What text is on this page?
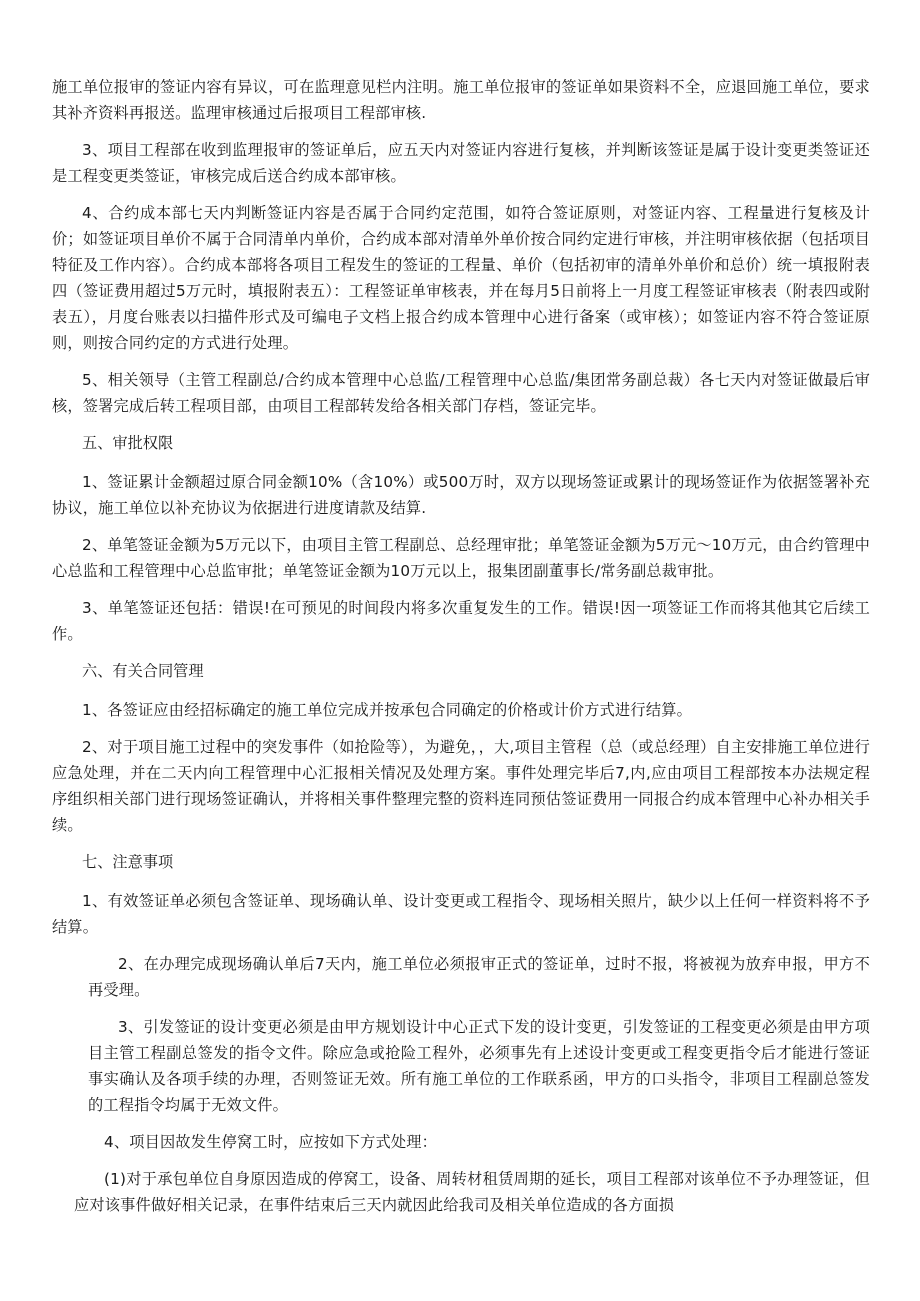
施工单位报审的签证内容有异议，可在监理意见栏内注明。施工单位报审的签证单如果资料不全，应退回施工单位，要求其补齐资料再报送。监理审核通过后报项目工程部审核.

3、项目工程部在收到监理报审的签证单后，应五天内对签证内容进行复核，并判断该签证是属于设计变更类签证还是工程变更类签证，审核完成后送合约成本部审核。

4、合约成本部七天内判断签证内容是否属于合同约定范围，如符合签证原则，对签证内容、工程量进行复核及计价；如签证项目单价不属于合同清单内单价，合约成本部对清单外单价按合同约定进行审核，并注明审核依据（包括项目特征及工作内容）。合约成本部将各项目工程发生的签证的工程量、单价（包括初审的清单外单价和总价）统一填报附表四（签证费用超过5万元时，填报附表五）：工程签证单审核表，并在每月5日前将上一月度工程签证审核表（附表四或附表五），月度台账表以扫描件形式及可编电子文档上报合约成本管理中心进行备案（或审核）；如签证内容不符合签证原则，则按合同约定的方式进行处理。

5、相关领导（主管工程副总/合约成本管理中心总监/工程管理中心总监/集团常务副总裁）各七天内对签证做最后审核，签署完成后转工程项目部，由项目工程部转发给各相关部门存档，签证完毕。

五、审批权限

1、签证累计金额超过原合同金额10%（含10%）或500万时，双方以现场签证或累计的现场签证作为依据签署补充协议，施工单位以补充协议为依据进行进度请款及结算.

2、单笔签证金额为5万元以下，由项目主管工程副总、总经理审批；单笔签证金额为5万元～10万元，由合约管理中心总监和工程管理中心总监审批；单笔签证金额为10万元以上，报集团副董事长/常务副总裁审批。

3、单笔签证还包括：错误!在可预见的时间段内将多次重复发生的工作。错误!因一项签证工作而将其他其它后续工作。

六、有关合同管理

1、各签证应由经招标确定的施工单位完成并按承包合同确定的价格或计价方式进行结算。

2、对于项目施工过程中的突发事件（如抢险等），为避免，，大,项目主管程（总（或总经理）自主安排施工单位进行应急处理，并在二天内向工程管理中心汇报相关情况及处理方案。事件处理完毕后7,内,应由项目工程部按本办法规定程序组织相关部门进行现场签证确认，并将相关事件整理完整的资料连同预估签证费用一同报合约成本管理中心补办相关手续。

七、注意事项

1、有效签证单必须包含签证单、现场确认单、设计变更或工程指令、现场相关照片，缺少以上任何一样资料将不予结算。

2、在办理完成现场确认单后7天内，施工单位必须报审正式的签证单，过时不报，将被视为放弃申报，甲方不再受理。

3、引发签证的设计变更必须是由甲方规划设计中心正式下发的设计变更，引发签证的工程变更必须是由甲方项目主管工程副总签发的指令文件。除应急或抢险工程外，必须事先有上述设计变更或工程变更指令后才能进行签证事实确认及各项手续的办理，否则签证无效。所有施工单位的工作联系函，甲方的口头指令，非项目工程副总签发的工程指令均属于无效文件。

4、项目因故发生停窝工时，应按如下方式处理：

(1)对于承包单位自身原因造成的停窝工，设备、周转材租赁周期的延长，项目工程部对该单位不予办理签证，但应对该事件做好相关记录，在事件结束后三天内就因此给我司及相关单位造成的各方面损
